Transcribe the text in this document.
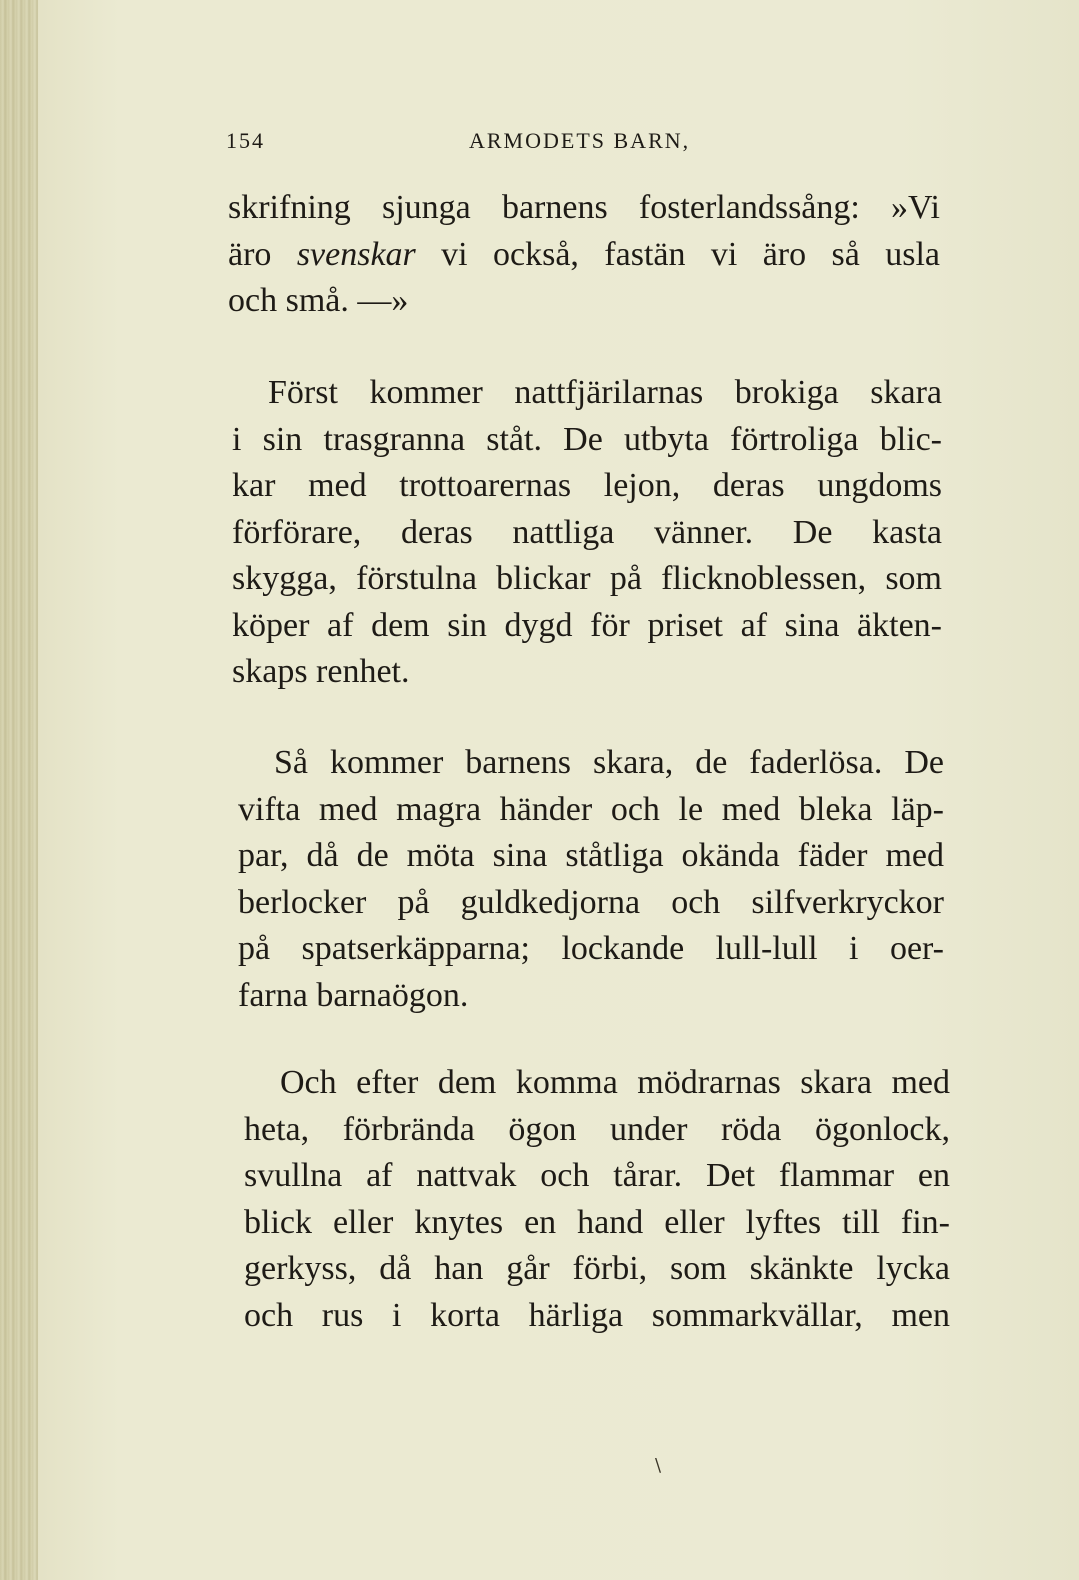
154	ARMODETS BARN,

skrifning sjunga barnens fosterlandssång: »Vi
äro svenskar vi också, fastän vi äro så usla
och små. —»

Först kommer nattfjärilarnas brokiga skara
i sin trasgranna ståt. De utbyta förtroliga blic-
kar med trottoarernas lejon, deras ungdoms
förförare, deras nattliga vänner. De kasta
skygga, förstulna blickar på flicknoblessen, som
köper af dem sin dygd för priset af sina äkten-
skaps renhet.

Så kommer barnens skara, de faderlösa. De
vifta med magra händer och le med bleka läp-
par, då de möta sina ståtliga okända fäder med
berlocker på guldkedjorna och silfverkryckor
på spatserkäpparna; lockande lull-lull i oer-
farna barnaögon.

Och efter dem komma mödrarnas skara med
heta, förbrända ögon under röda ögonlock,
svullna af nattvak och tårar. Det flammar en
blick eller knytes en hand eller lyftes till fin-
gerkyss, då han går förbi, som skänkte lycka
och rus i korta härliga sommarkvällar, men

\
